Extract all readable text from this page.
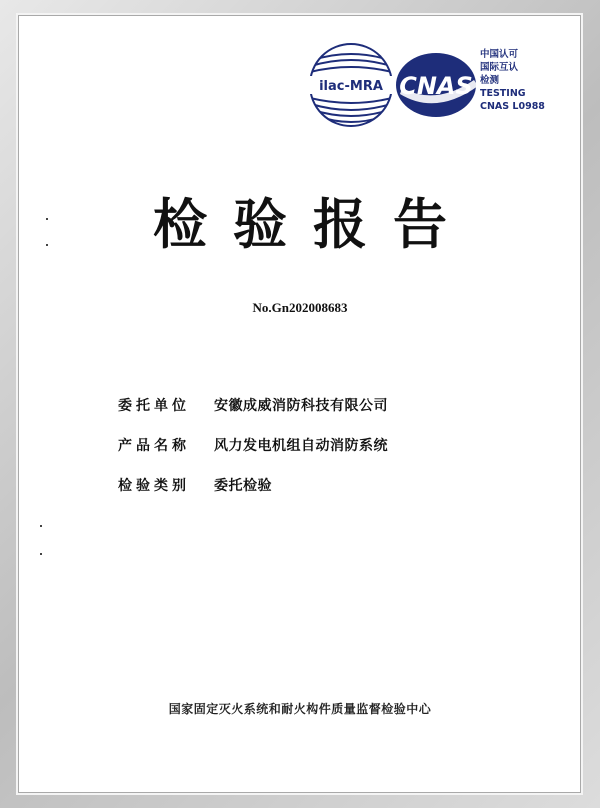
ilac-MRA CNAS
中国认可
国际互认
检测
TESTING
CNAS L0988
检验报告
No.Gn202008683
委托单位	安徽成威消防科技有限公司
产品名称	风力发电机组自动消防系统
检验类别	委托检验
国家固定灭火系统和耐火构件质量监督检验中心
